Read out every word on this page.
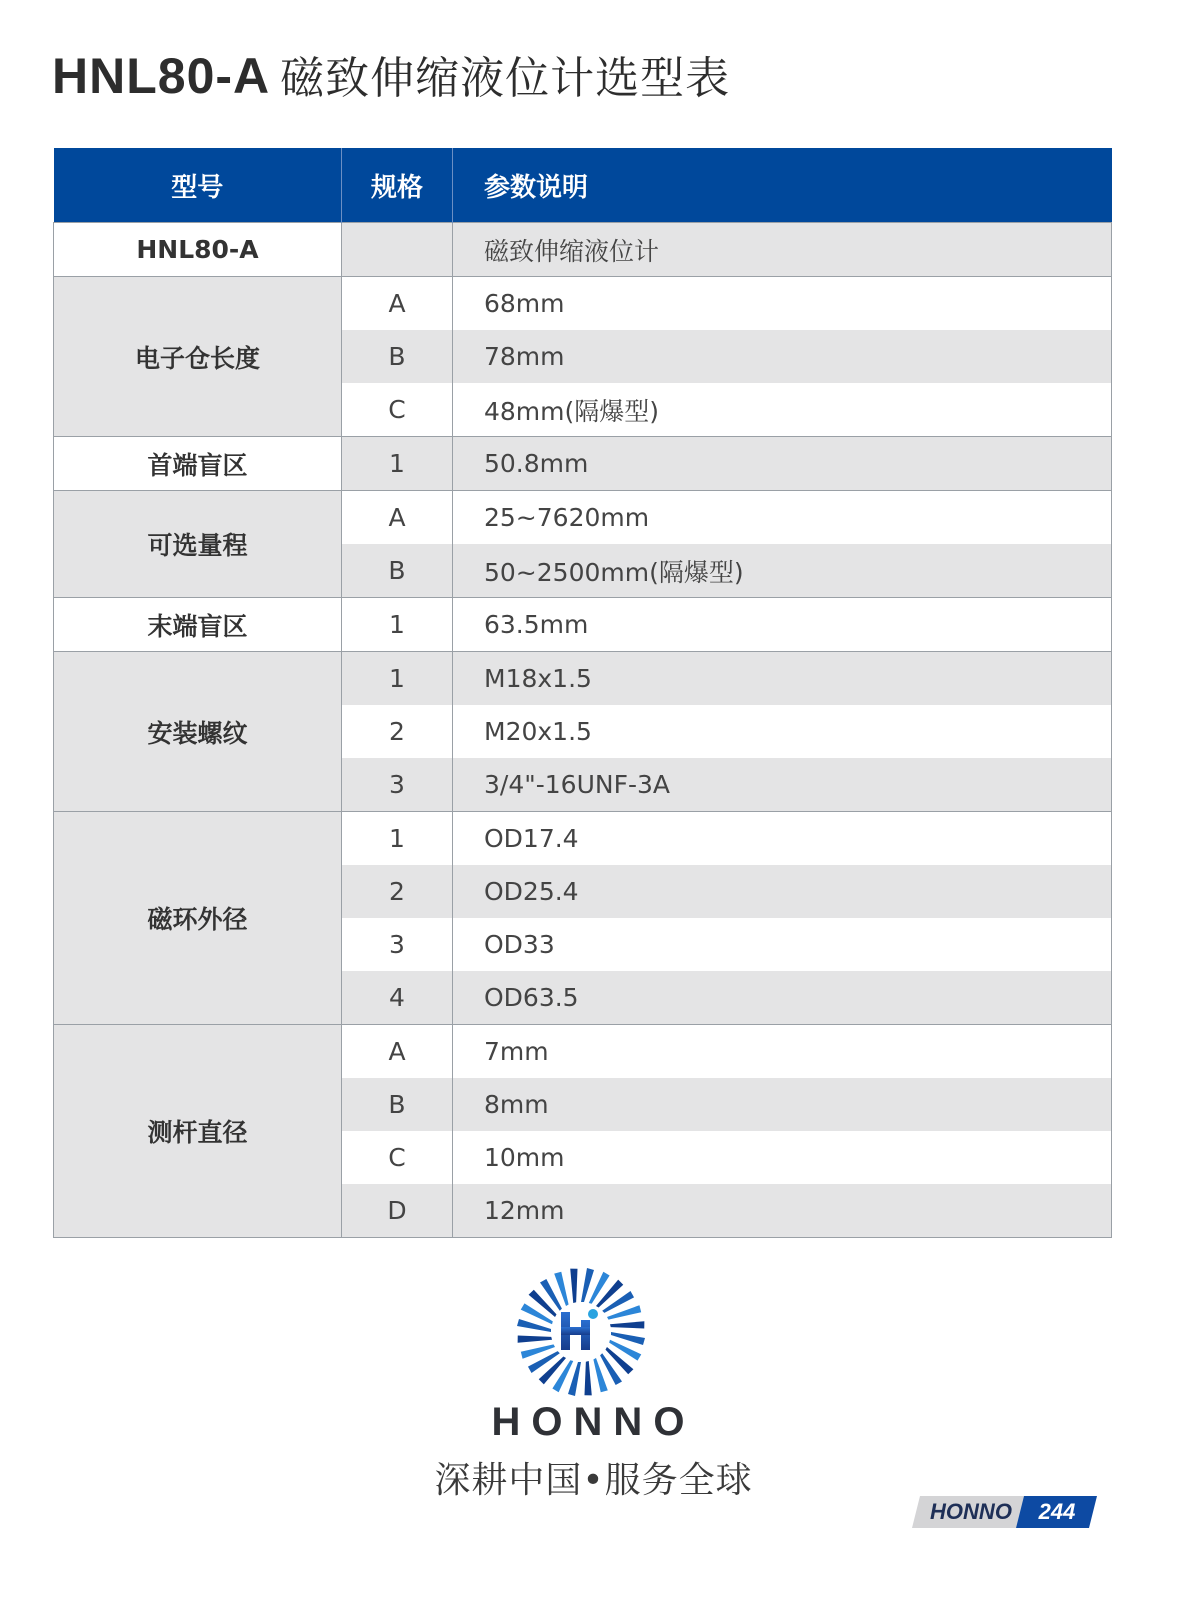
HNL80-A 磁致伸缩液位计选型表
型号	规格	参数说明
HNL80-A		磁致伸缩液位计
电子仓长度	A	68mm
	B	78mm
	C	48mm(隔爆型)
首端盲区	1	50.8mm
可选量程	A	25~7620mm
	B	50~2500mm(隔爆型)
末端盲区	1	63.5mm
安装螺纹	1	M18x1.5
	2	M20x1.5
	3	3/4"-16UNF-3A
磁环外径	1	OD17.4
	2	OD25.4
	3	OD33
	4	OD63.5
测杆直径	A	7mm
	B	8mm
	C	10mm
	D	12mm
HONNO
深耕中国•服务全球
HONNO	244
